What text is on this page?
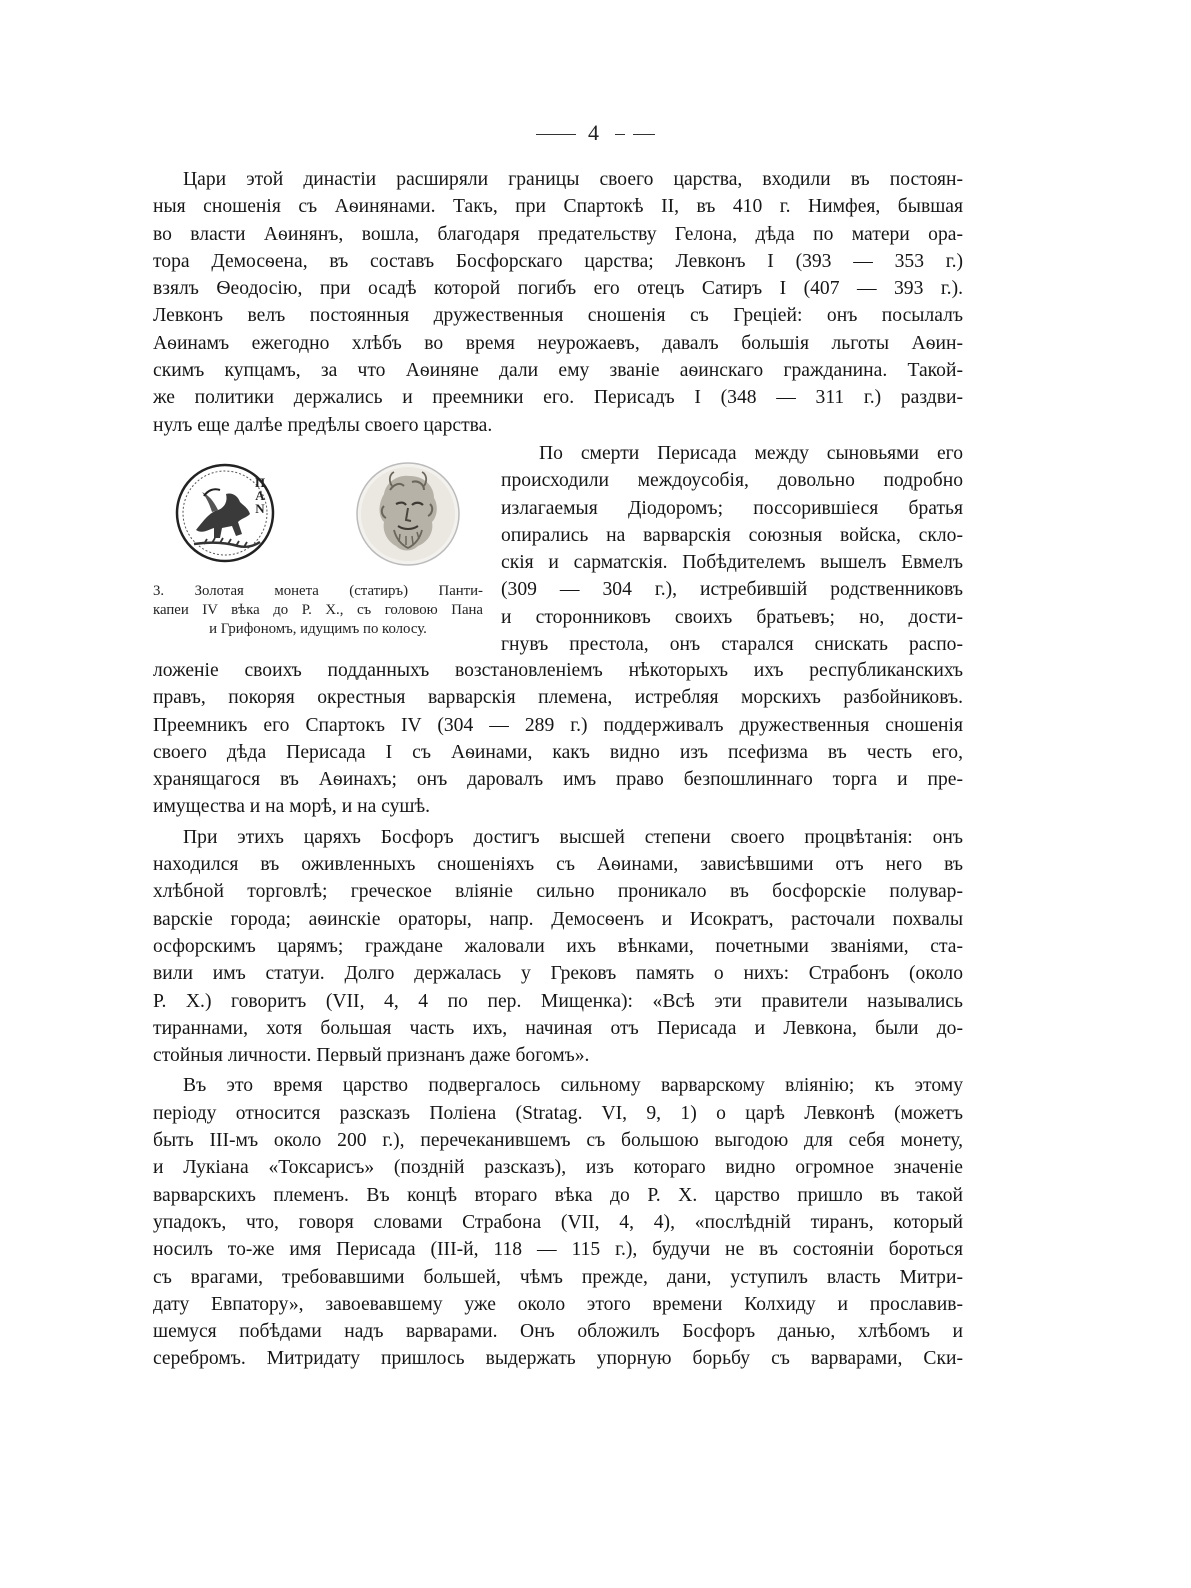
4
Цари этой династіи расширяли границы своего царства, входили въ постоян-
ныя сношенія съ Аѳинянами. Такъ, при Спартокѣ II, въ 410 г. Нимфея, бывшая
во власти Аѳинянъ, вошла, благодаря предательству Гелона, дѣда по матери ора-
тора Демосѳена, въ составъ Босфорскаго царства; Левконъ I (393 — 353 г.)
взялъ Ѳеодосію, при осадѣ которой погибъ его отецъ Сатиръ I (407 — 393 г.).
Левконъ велъ постоянныя дружественныя сношенія съ Греціей: онъ посылалъ
Аѳинамъ ежегодно хлѣбъ во время неурожаевъ, давалъ большія льготы Аѳин-
скимъ купцамъ, за что Аѳиняне дали ему званіе аѳинскаго гражданина. Такой-
же политики держались и преемники его. Перисадъ I (348 — 311 г.) раздви-
нулъ еще далѣе предѣлы своего царства.
Π
Α
Ν
3. Золотая монета (статиръ) Панти-
капеи IV вѣка до Р. Х., съ головою Пана
и Грифономъ, идущимъ по колосу.
По смерти Перисада между сыновьями его
происходили междоусобія, довольно подробно
излагаемыя Діодоромъ; поссорившіеся братья
опирались на варварскія союзныя войска, скло-
скія и сарматскія. Побѣдителемъ вышелъ Евмелъ
(309 — 304 г.), истребившій родственниковъ
и сторонниковъ своихъ братьевъ; но, дости-
гнувъ престола, онъ старался снискать распо-
ложеніе своихъ подданныхъ возстановленіемъ нѣкоторыхъ ихъ республиканскихъ
правъ, покоряя окрестныя варварскія племена, истребляя морскихъ разбойниковъ.
Преемникъ его Спартокъ IV (304 — 289 г.) поддерживалъ дружественныя сношенія
своего дѣда Перисада I съ Аѳинами, какъ видно изъ псефизма въ честь его,
хранящагося въ Аѳинахъ; онъ даровалъ имъ право безпошлиннаго торга и пре-
имущества и на морѣ, и на сушѣ.
При этихъ царяхъ Босфоръ достигъ высшей степени своего процвѣтанія: онъ
находился въ оживленныхъ сношеніяхъ съ Аѳинами, зависѣвшими отъ него въ
хлѣбной торговлѣ; греческое вліяніе сильно проникало въ босфорскіе полувар-
варскіе города; аѳинскіе ораторы, напр. Демосѳенъ и Исократъ, расточали похвалы
осфорскимъ царямъ; граждане жаловали ихъ вѣнками, почетными званіями, ста-
вили имъ статуи. Долго держалась у Грековъ память о нихъ: Страбонъ (около
Р. Х.) говоритъ (VII, 4, 4 по пер. Мищенка): «Всѣ эти правители назывались
тираннами, хотя большая часть ихъ, начиная отъ Перисада и Левкона, были до-
стойныя личности. Первый признанъ даже богомъ».
Въ это время царство подвергалось сильному варварскому вліянію; къ этому
періоду относится разсказъ Поліена (Stratag. VI, 9, 1) о царѣ Левконѣ (можетъ
быть III-мъ около 200 г.), перечеканившемъ съ большою выгодою для себя монету,
и Лукіана «Токсарисъ» (поздній разсказъ), изъ котораго видно огромное значеніе
варварскихъ племенъ. Въ концѣ втораго вѣка до Р. Х. царство пришло въ такой
упадокъ, что, говоря словами Страбона (VII, 4, 4), «послѣдній тиранъ, который
носилъ то-же имя Перисада (III-й, 118 — 115 г.), будучи не въ состояніи бороться
съ врагами, требовавшими большей, чѣмъ прежде, дани, уступилъ власть Митри-
дату Евпатору», завоевавшему уже около этого времени Колхиду и прославив-
шемуся побѣдами надъ варварами. Онъ обложилъ Босфоръ данью, хлѣбомъ и
серебромъ. Митридату пришлось выдержать упорную борьбу съ варварами, Ски-
